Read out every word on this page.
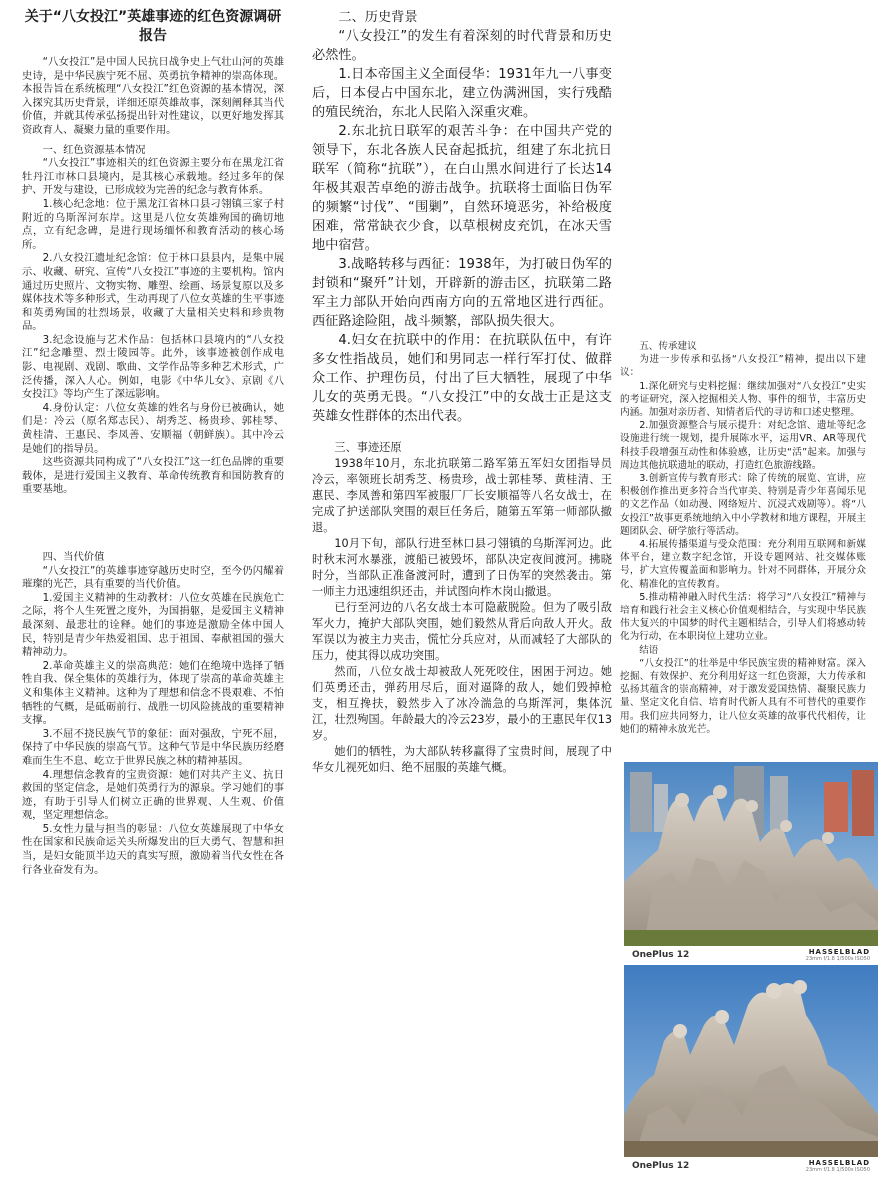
关于“八女投江”英雄事迹的红色资源调研报告

“八女投江”是中国人民抗日战争史上气壮山河的英雄史诗，是中华民族宁死不屈、英勇抗争精神的崇高体现。本报告旨在系统梳理“八女投江”红色资源的基本情况，深入探究其历史背景，详细还原英雄故事，深刻阐释其当代价值，并就其传承弘扬提出针对性建议，以更好地发挥其资政育人、凝聚力量的重要作用。

一、红色资源基本情况

“八女投江”事迹相关的红色资源主要分布在黑龙江省牡丹江市林口县境内，是其核心承载地。经过多年的保护、开发与建设，已形成较为完善的纪念与教育体系。

1.核心纪念地：位于黑龙江省林口县刁翎镇三家子村附近的乌斯浑河东岸。这里是八位女英雄殉国的确切地点，立有纪念碑，是进行现场缅怀和教育活动的核心场所。

2.八女投江遗址纪念馆：位于林口县县内，是集中展示、收藏、研究、宣传“八女投江”事迹的主要机构。馆内通过历史照片、文物实物、雕塑、绘画、场景复原以及多媒体技术等多种形式，生动再现了八位女英雄的生平事迹和英勇殉国的壮烈场景，收藏了大量相关史料和珍贵物品。

3.纪念设施与艺术作品：包括林口县境内的“八女投江”纪念雕塑、烈士陵园等。此外，该事迹被创作成电影、电视剧、戏剧、歌曲、文学作品等多种艺术形式，广泛传播，深入人心。例如，电影《中华儿女》、京剧《八女投江》等均产生了深远影响。

4.身份认定：八位女英雄的姓名与身份已被确认，她们是：冷云（原名郑志民）、胡秀芝、杨贵珍、郭桂琴、黄桂清、王惠民、李凤善、安顺福（朝鲜族）。其中冷云是她们的指导员。

这些资源共同构成了“八女投江”这一红色品牌的重要载体，是进行爱国主义教育、革命传统教育和国防教育的重要基地。

四、当代价值

“八女投江”的英雄事迹穿越历史时空，至今仍闪耀着璀璨的光芒，具有重要的当代价值。

1.爱国主义精神的生动教材：八位女英雄在民族危亡之际，将个人生死置之度外，为国捐躯，是爱国主义精神最深刻、最悲壮的诠释。她们的事迹是激励全体中国人民，特别是青少年热爱祖国、忠于祖国、奉献祖国的强大精神动力。

2.革命英雄主义的崇高典范：她们在绝境中选择了牺牲自我、保全集体的英雄行为，体现了崇高的革命英雄主义和集体主义精神。这种为了理想和信念不畏艰难、不怕牺牲的气概，是砥砺前行、战胜一切风险挑战的重要精神支撑。

3.不屈不挠民族气节的象征：面对强敌，宁死不屈，保持了中华民族的崇高气节。这种气节是中华民族历经磨难而生生不息、屹立于世界民族之林的精神基因。

4.理想信念教育的宝贵资源：她们对共产主义、抗日救国的坚定信念，是她们英勇行为的源泉。学习她们的事迹，有助于引导人们树立正确的世界观、人生观、价值观，坚定理想信念。

5.女性力量与担当的彰显：八位女英雄展现了中华女性在国家和民族命运关头所爆发出的巨大勇气、智慧和担当，是妇女能顶半边天的真实写照，激励着当代女性在各行各业奋发有为。

二、历史背景

“八女投江”的发生有着深刻的时代背景和历史必然性。

1.日本帝国主义全面侵华：1931年九一八事变后，日本侵占中国东北，建立伪满洲国，实行残酷的殖民统治，东北人民陷入深重灾难。

2.东北抗日联军的艰苦斗争：在中国共产党的领导下，东北各族人民奋起抵抗，组建了东北抗日联军（简称“抗联”），在白山黑水间进行了长达14年极其艰苦卓绝的游击战争。抗联将士面临日伪军的频繁“讨伐”、“围剿”，自然环境恶劣，补给极度困难，常常缺衣少食，以草根树皮充饥，在冰天雪地中宿营。

3.战略转移与西征：1938年，为打破日伪军的封锁和“聚歼”计划，开辟新的游击区，抗联第二路军主力部队开始向西南方向的五常地区进行西征。西征路途险阻，战斗频繁，部队损失很大。

4.妇女在抗联中的作用：在抗联队伍中，有许多女性指战员，她们和男同志一样行军打仗、做群众工作、护理伤员，付出了巨大牺牲，展现了中华儿女的英勇无畏。“八女投江”中的女战士正是这支英雄女性群体的杰出代表。

三、事迹还原

1938年10月，东北抗联第二路军第五军妇女团指导员冷云，率领班长胡秀芝、杨贵珍，战士郭桂琴、黄桂清、王惠民、李凤善和第四军被服厂厂长安顺福等八名女战士，在完成了护送部队突围的艰巨任务后，随第五军第一师部队撤退。

10月下旬，部队行进至林口县刁翎镇的乌斯浑河边。此时秋末河水暴涨，渡船已被毁坏，部队决定夜间渡河。拂晓时分，当部队正准备渡河时，遭到了日伪军的突然袭击。第一师主力迅速组织还击，并试图向柞木岗山撤退。

已行至河边的八名女战士本可隐蔽脱险。但为了吸引敌军火力，掩护大部队突围，她们毅然从背后向敌人开火。敌军误以为被主力夹击，慌忙分兵应对，从而减轻了大部队的压力，使其得以成功突围。

然而，八位女战士却被敌人死死咬住，困困于河边。她们英勇还击，弹药用尽后，面对逼降的敌人，她们毁掉枪支，相互搀扶，毅然步入了冰冷湍急的乌斯浑河，集体沉江，壮烈殉国。年龄最大的冷云23岁，最小的王惠民年仅13岁。

她们的牺牲，为大部队转移赢得了宝贵时间，展现了中华女儿视死如归、绝不屈服的英雄气概。

五、传承建议

为进一步传承和弘扬“八女投江”精神，提出以下建议：

1.深化研究与史料挖掘：继续加强对“八女投江”史实的考证研究，深入挖掘相关人物、事件的细节，丰富历史内涵。加强对亲历者、知情者后代的寻访和口述史整理。

2.加强资源整合与展示提升：对纪念馆、遗址等纪念设施进行统一规划，提升展陈水平，运用VR、AR等现代科技手段增强互动性和体验感，让历史“活”起来。加强与周边其他抗联遗址的联动，打造红色旅游线路。

3.创新宣传与教育形式：除了传统的展览、宣讲，应积极创作推出更多符合当代审美、特别是青少年喜闻乐见的文艺作品（如动漫、网络短片、沉浸式戏剧等）。将“八女投江”故事更系统地纳入中小学教材和地方课程，开展主题团队会、研学旅行等活动。

4.拓展传播渠道与受众范围：充分利用互联网和新媒体平台，建立数字纪念馆，开设专题网站、社交媒体账号，扩大宣传覆盖面和影响力。针对不同群体，开展分众化、精准化的宣传教育。

5.推动精神融入时代生活：将学习“八女投江”精神与培育和践行社会主义核心价值观相结合，与实现中华民族伟大复兴的中国梦的时代主题相结合，引导人们将感动转化为行动，在本职岗位上建功立业。

结语

“八女投江”的壮举是中华民族宝贵的精神财富。深入挖掘、有效保护、充分利用好这一红色资源，大力传承和弘扬其蕴含的崇高精神，对于激发爱国热情、凝聚民族力量、坚定文化自信、培育时代新人具有不可替代的重要作用。我们应共同努力，让八位女英雄的故事代代相传，让她们的精神永放光芒。

OnePlus 12	HASSELBLAD
23mm f/1.8 1/500s ISO50
OnePlus 12	HASSELBLAD
23mm f/1.8 1/500s ISO50
